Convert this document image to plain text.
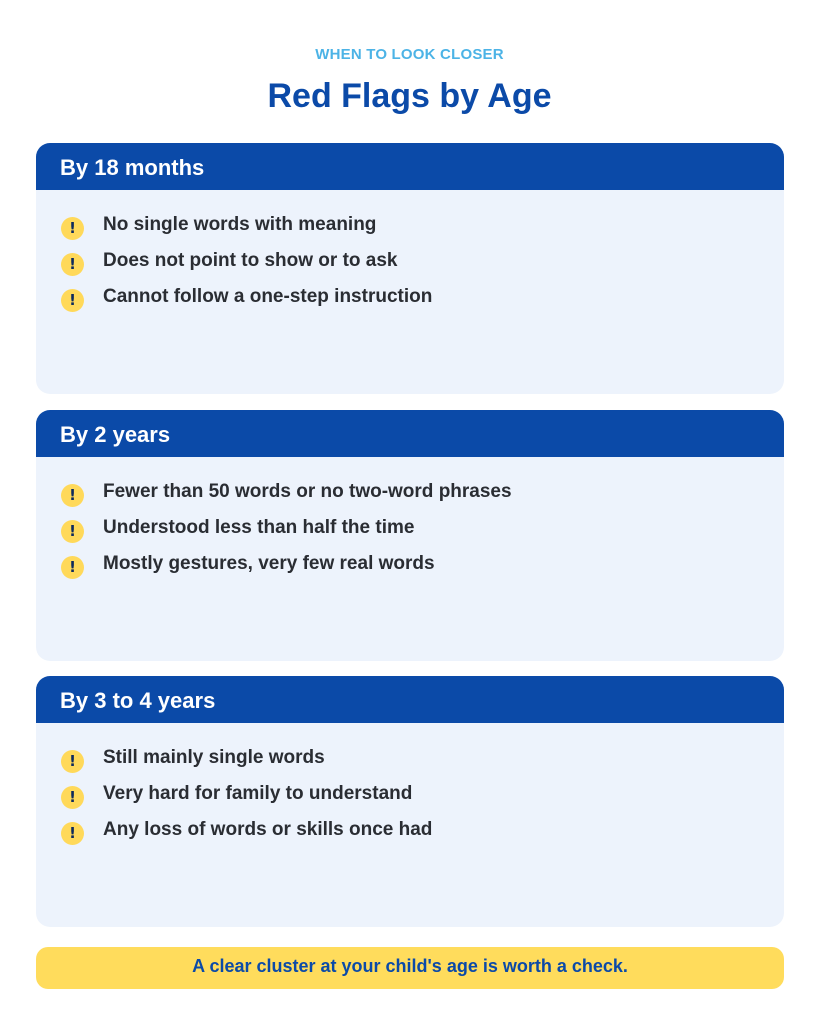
WHEN TO LOOK CLOSER
Red Flags by Age
By 18 months
!	No single words with meaning
!	Does not point to show or to ask
!	Cannot follow a one-step instruction
By 2 years
!	Fewer than 50 words or no two-word phrases
!	Understood less than half the time
!	Mostly gestures, very few real words
By 3 to 4 years
!	Still mainly single words
!	Very hard for family to understand
!	Any loss of words or skills once had
A clear cluster at your child's age is worth a check.
